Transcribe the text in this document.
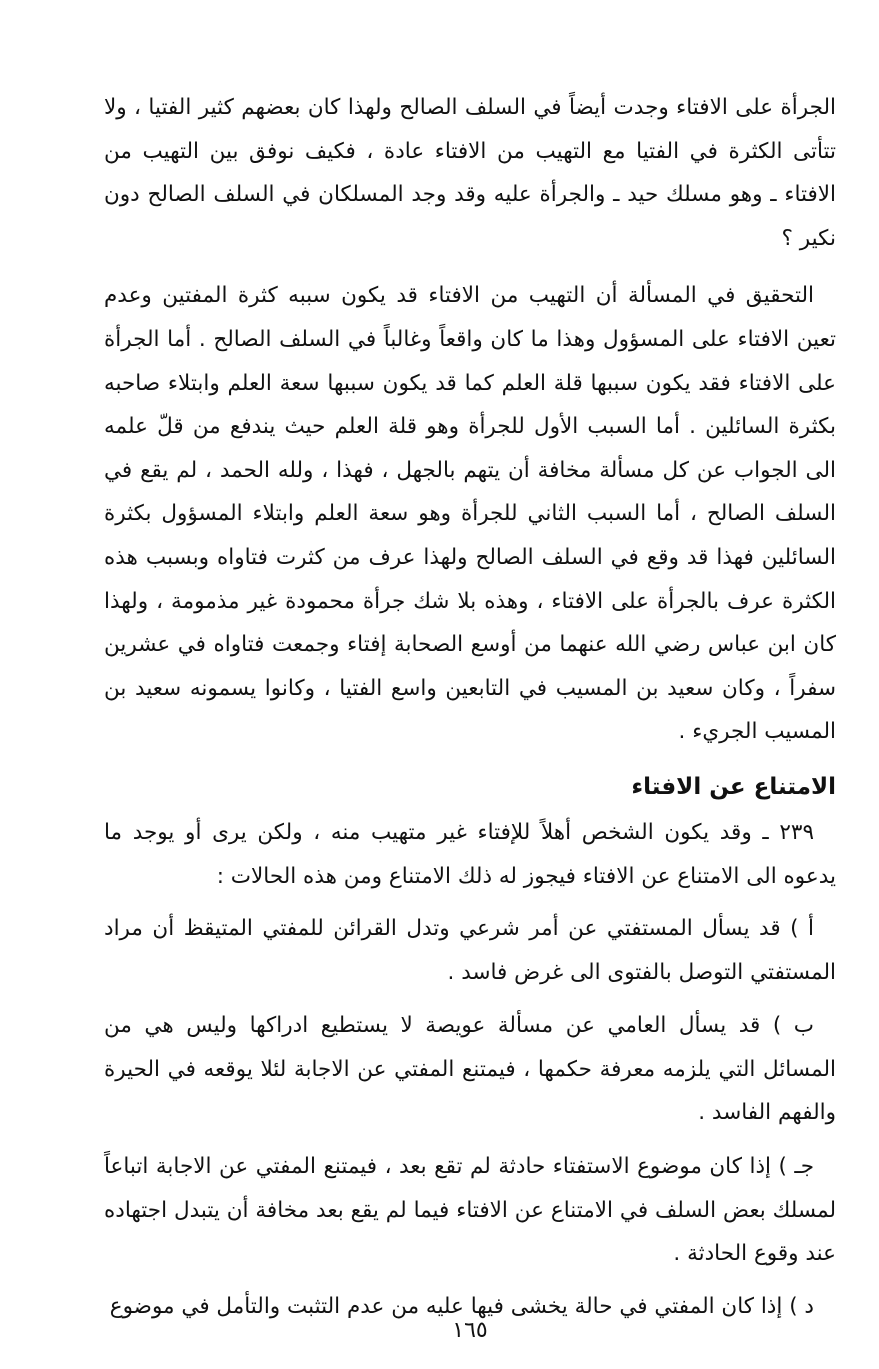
الجرأة على الافتاء وجدت أيضاً في السلف الصالح ولهذا كان بعضهم كثير الفتيا ، ولا تتأتى الكثرة في الفتيا مع التهيب من الافتاء عادة ، فكيف نوفق بين التهيب من الافتاء ـ وهو مسلك حيد ـ والجرأة عليه وقد وجد المسلكان في السلف الصالح دون نكير ؟

التحقيق في المسألة أن التهيب من الافتاء قد يكون سببه كثرة المفتين وعدم تعين الافتاء على المسؤول وهذا ما كان واقعاً وغالباً في السلف الصالح . أما الجرأة على الافتاء فقد يكون سببها قلة العلم كما قد يكون سببها سعة العلم وابتلاء صاحبه بكثرة السائلين . أما السبب الأول للجرأة وهو قلة العلم حيث يندفع من قلّ علمه الى الجواب عن كل مسألة مخافة أن يتهم بالجهل ، فهذا ، ولله الحمد ، لم يقع في السلف الصالح ، أما السبب الثاني للجرأة وهو سعة العلم وابتلاء المسؤول بكثرة السائلين فهذا قد وقع في السلف الصالح ولهذا عرف من كثرت فتاواه وبسبب هذه الكثرة عرف بالجرأة على الافتاء ، وهذه بلا شك جرأة محمودة غير مذمومة ، ولهذا كان ابن عباس رضي الله عنهما من أوسع الصحابة إفتاء وجمعت فتاواه في عشرين سفراً ، وكان سعيد بن المسيب في التابعين واسع الفتيا ، وكانوا يسمونه سعيد بن المسيب الجريء .

الامتناع عن الافتاء

٢٣٩ ـ وقد يكون الشخص أهلاً للإفتاء غير متهيب منه ، ولكن يرى أو يوجد ما يدعوه الى الامتناع عن الافتاء فيجوز له ذلك الامتناع ومن هذه الحالات :

أ ) قد يسأل المستفتي عن أمر شرعي وتدل القرائن للمفتي المتيقظ أن مراد المستفتي التوصل بالفتوى الى غرض فاسد .

ب ) قد يسأل العامي عن مسألة عويصة لا يستطيع ادراكها وليس هي من المسائل التي يلزمه معرفة حكمها ، فيمتنع المفتي عن الاجابة لئلا يوقعه في الحيرة والفهم الفاسد .

جـ ) إذا كان موضوع الاستفتاء حادثة لم تقع بعد ، فيمتنع المفتي عن الاجابة اتباعاً لمسلك بعض السلف في الامتناع عن الافتاء فيما لم يقع بعد مخافة أن يتبدل اجتهاده عند وقوع الحادثة .

د ) إذا كان المفتي في حالة يخشى فيها عليه من عدم التثبت والتأمل في موضوع

١٦٥
